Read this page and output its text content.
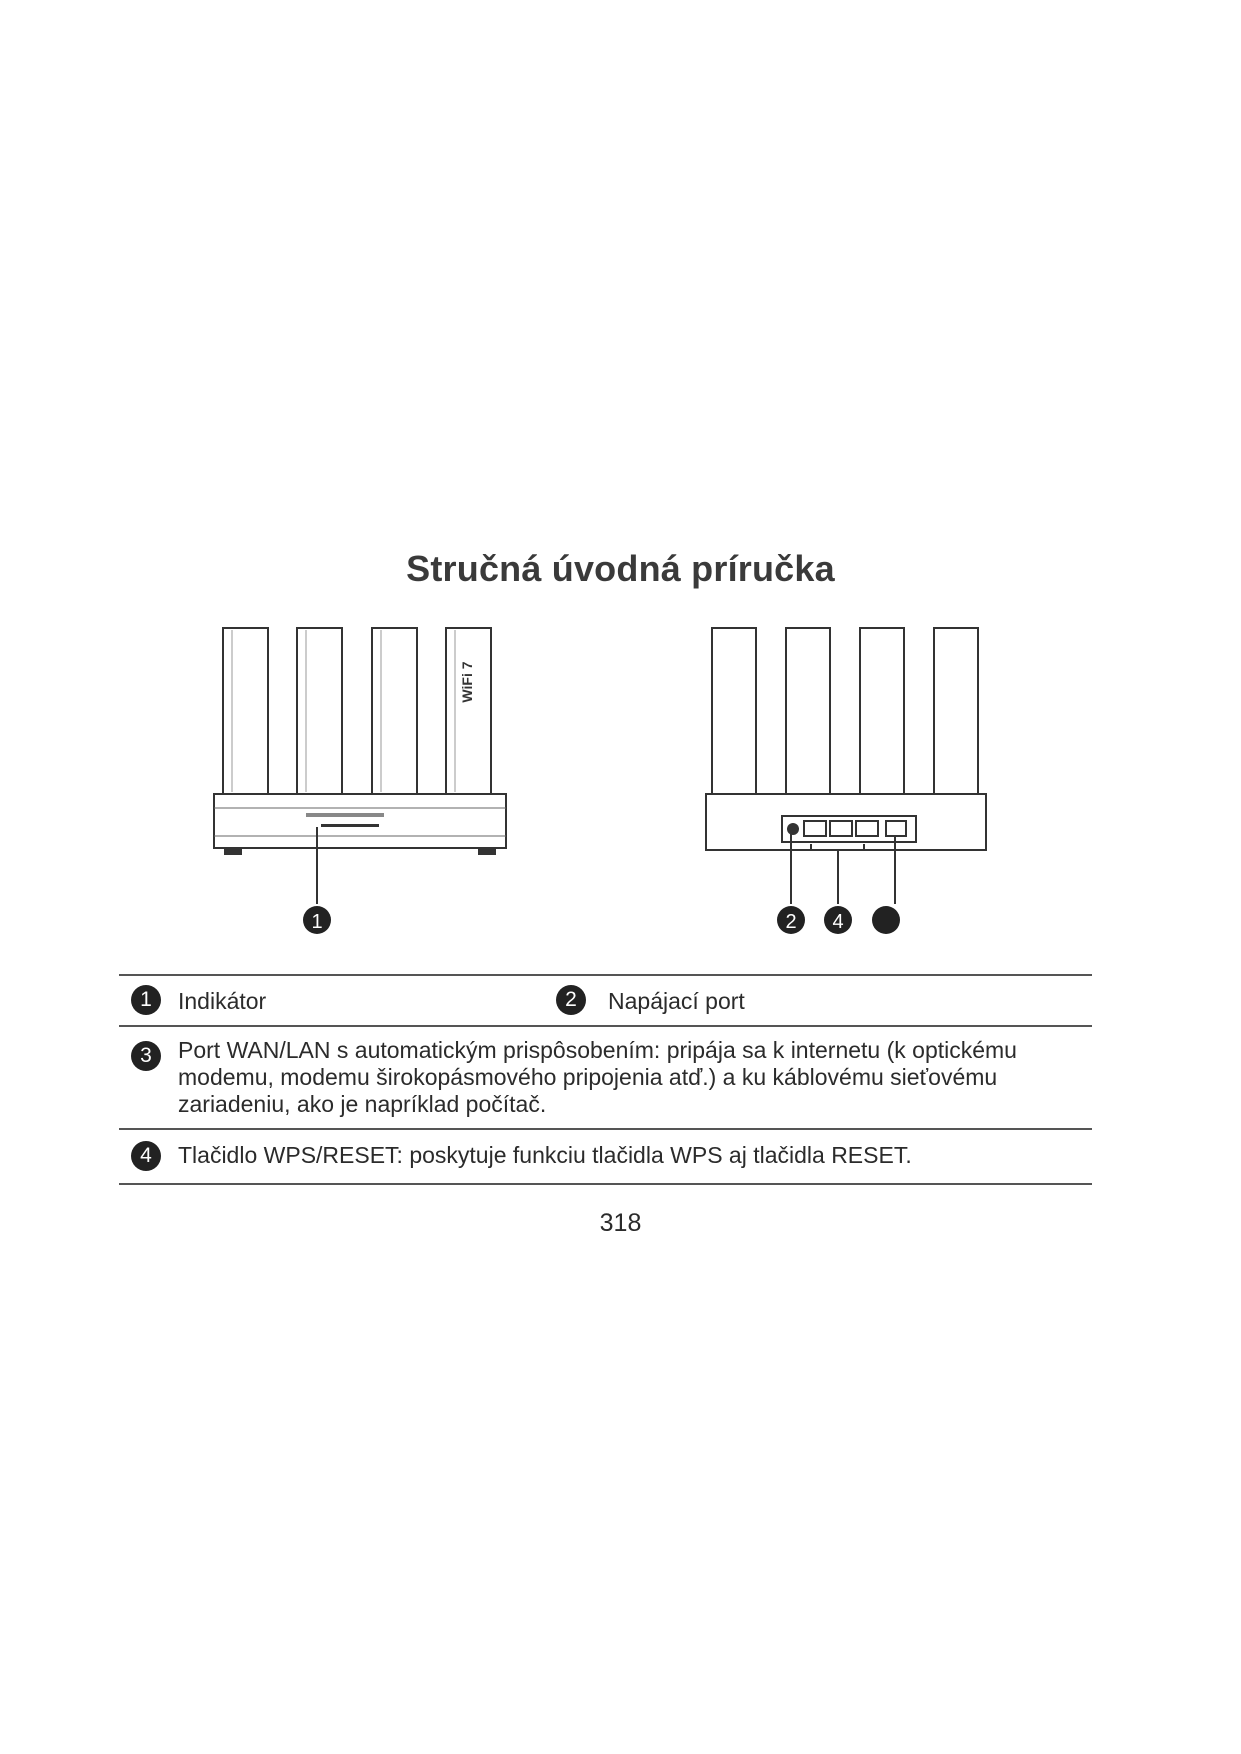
Stručná úvodná príručka
WiFi 7
1	2 4
1	Indikátor	2	Napájací port
3	Port WAN/LAN s automatickým prispôsobením: pripája sa k internetu (k optickému modemu, modemu širokopásmového pripojenia atď.) a ku káblovému sieťovému zariadeniu, ako je napríklad počítač.
4	Tlačidlo WPS/RESET: poskytuje funkciu tlačidla WPS aj tlačidla RESET.
318
